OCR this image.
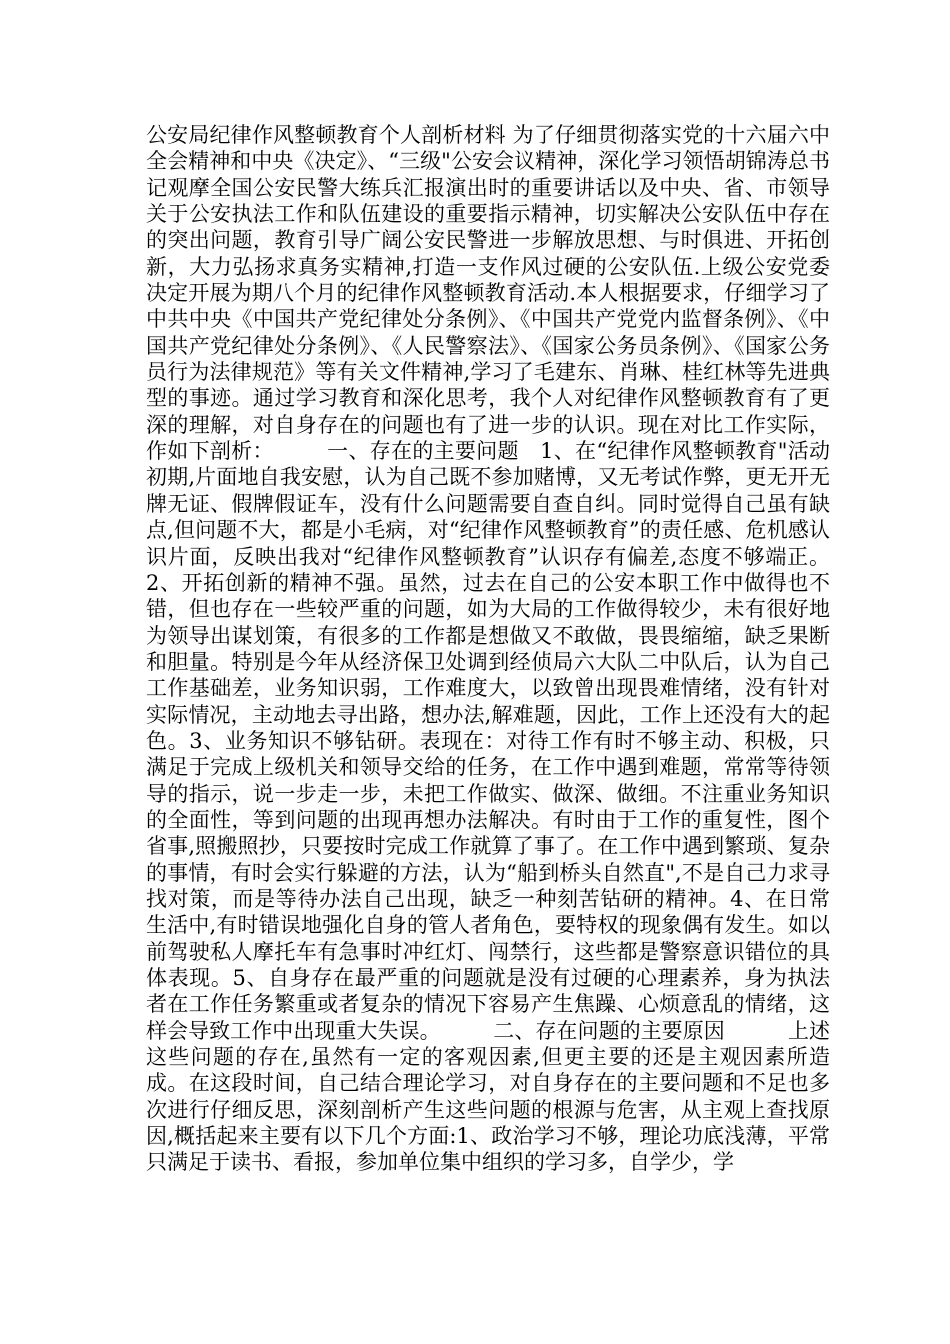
公安局纪律作风整顿教育个人剖析材料 为了仔细贯彻落实党的十六届六中全会精神和中央《决定》、“三级"公安会议精神，深化学习领悟胡锦涛总书记观摩全国公安民警大练兵汇报演出时的重要讲话以及中央、省、市领导关于公安执法工作和队伍建设的重要指示精神，切实解决公安队伍中存在的突出问题，教育引导广阔公安民警进一步解放思想、与时俱进、开拓创新，大力弘扬求真务实精神,打造一支作风过硬的公安队伍.上级公安党委决定开展为期八个月的纪律作风整顿教育活动.本人根据要求，仔细学习了中共中央《中国共产党纪律处分条例》、《中国共产党党内监督条例》、《中国共产党纪律处分条例》、《人民警察法》、《国家公务员条例》、《国家公务员行为法律规范》等有关文件精神,学习了毛建东、肖琳、桂红林等先进典型的事迹。通过学习教育和深化思考，我个人对纪律作风整顿教育有了更深的理解，对自身存在的问题也有了进一步的认识。现在对比工作实际，作如下剖析：　　　一、存在的主要问题　1、在“纪律作风整顿教育"活动初期,片面地自我安慰，认为自己既不参加赌博，又无考试作弊，更无开无牌无证、假牌假证车，没有什么问题需要自查自纠。同时觉得自己虽有缺点,但问题不大，都是小毛病，对“纪律作风整顿教育”的责任感、危机感认识片面，反映出我对“纪律作风整顿教育”认识存有偏差,态度不够端正。2、开拓创新的精神不强。虽然，过去在自己的公安本职工作中做得也不错，但也存在一些较严重的问题，如为大局的工作做得较少，未有很好地为领导出谋划策，有很多的工作都是想做又不敢做，畏畏缩缩，缺乏果断和胆量。特别是今年从经济保卫处调到经侦局六大队二中队后，认为自己工作基础差，业务知识弱，工作难度大，以致曾出现畏难情绪，没有针对实际情况，主动地去寻出路，想办法,解难题，因此，工作上还没有大的起色。3、业务知识不够钻研。表现在：对待工作有时不够主动、积极，只满足于完成上级机关和领导交给的任务，在工作中遇到难题，常常等待领导的指示，说一步走一步，未把工作做实、做深、做细。不注重业务知识的全面性，等到问题的出现再想办法解决。有时由于工作的重复性，图个省事,照搬照抄，只要按时完成工作就算了事了。在工作中遇到繁琐、复杂的事情，有时会实行躲避的方法，认为“船到桥头自然直",不是自己力求寻找对策，而是等待办法自己出现，缺乏一种刻苦钻研的精神。4、在日常生活中,有时错误地强化自身的管人者角色，要特权的现象偶有发生。如以前驾驶私人摩托车有急事时冲红灯、闯禁行，这些都是警察意识错位的具体表现。5、自身存在最严重的问题就是没有过硬的心理素养，身为执法者在工作任务繁重或者复杂的情况下容易产生焦躁、心烦意乱的情绪，这样会导致工作中出现重大失误。　　　二、存在问题的主要原因　　　上述这些问题的存在,虽然有一定的客观因素,但更主要的还是主观因素所造成。在这段时间，自己结合理论学习，对自身存在的主要问题和不足也多次进行仔细反思，深刻剖析产生这些问题的根源与危害，从主观上查找原因,概括起来主要有以下几个方面:1、政治学习不够，理论功底浅薄，平常只满足于读书、看报，参加单位集中组织的学习多，自学少，学
